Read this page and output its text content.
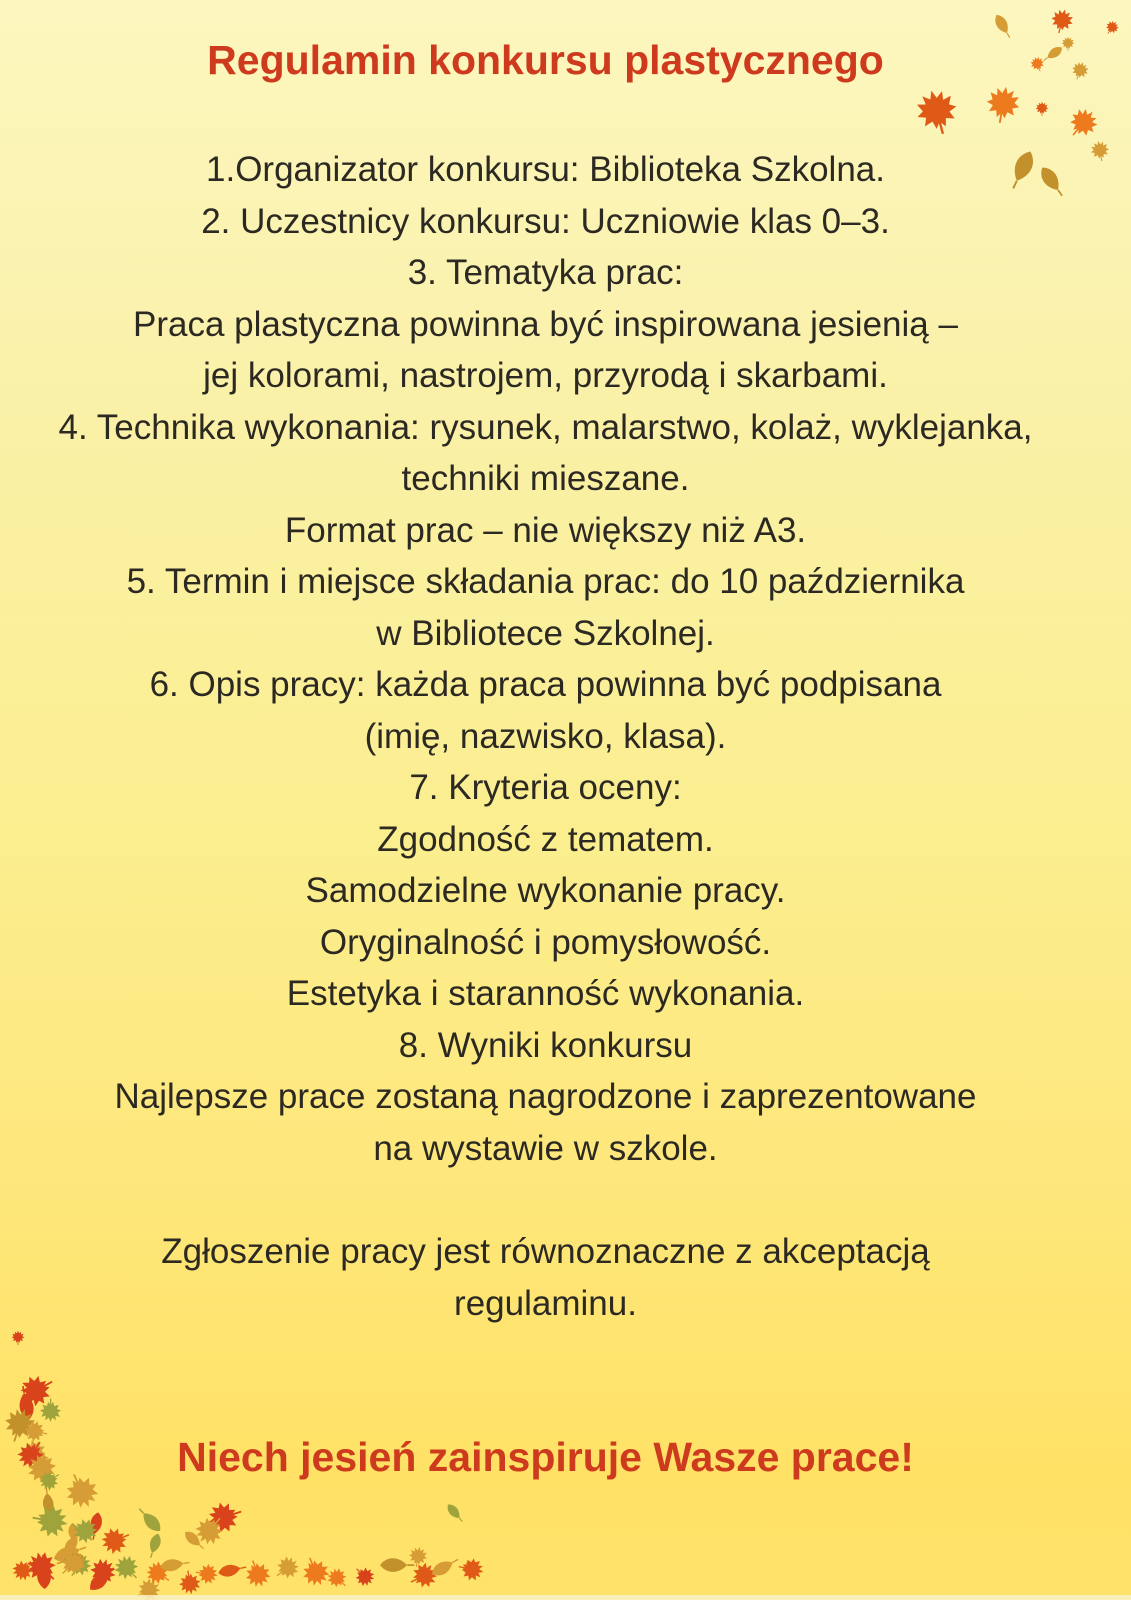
Regulamin konkursu plastycznego
1.Organizator konkursu: Biblioteka Szkolna.
2. Uczestnicy konkursu: Uczniowie klas 0–3.
3. Tematyka prac:
Praca plastyczna powinna być inspirowana jesienią –
jej kolorami, nastrojem, przyrodą i skarbami.
4. Technika wykonania: rysunek, malarstwo, kolaż, wyklejanka,
techniki mieszane.
Format prac – nie większy niż A3.
5. Termin i miejsce składania prac: do 10 października
w Bibliotece Szkolnej.
6. Opis pracy: każda praca powinna być podpisana
(imię, nazwisko, klasa).
7. Kryteria oceny:
Zgodność z tematem.
Samodzielne wykonanie pracy.
Oryginalność i pomysłowość.
Estetyka i staranność wykonania.
8. Wyniki konkursu
Najlepsze prace zostaną nagrodzone i zaprezentowane
na wystawie w szkole.
Zgłoszenie pracy jest równoznaczne z akceptacją
regulaminu.
Niech jesień zainspiruje Wasze prace!
